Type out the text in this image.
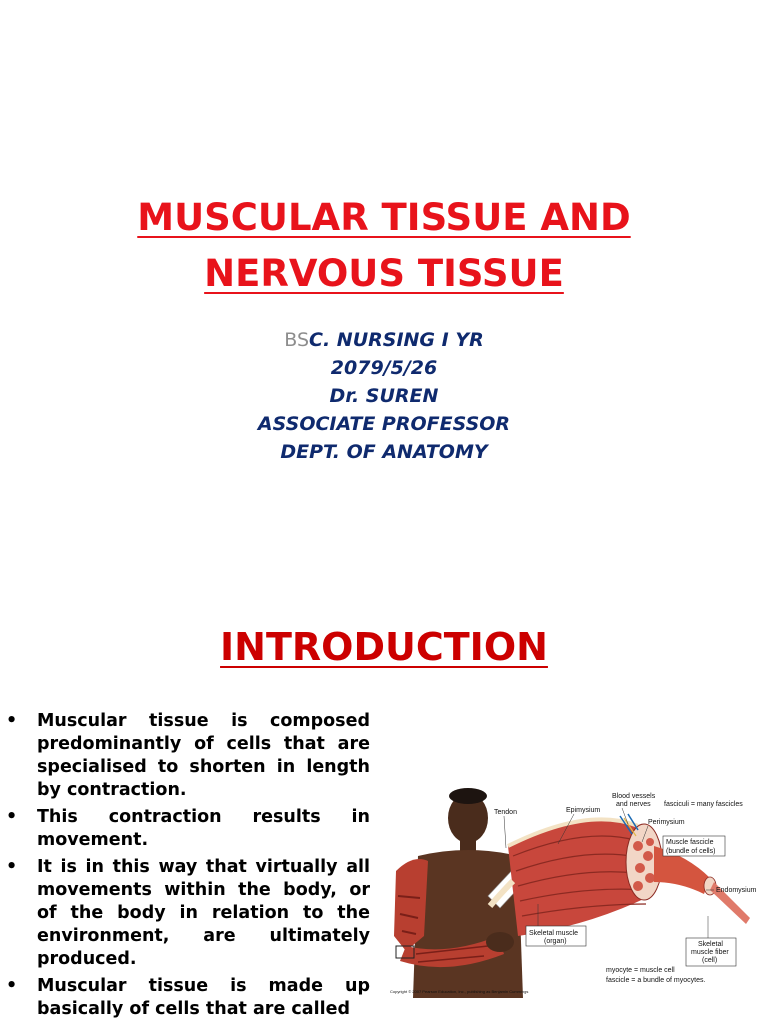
MUSCULAR TISSUE AND
NERVOUS TISSUE
BSC. NURSING I YR
2079/5/26
Dr. SUREN
ASSOCIATE PROFESSOR
DEPT. OF ANATOMY
INTRODUCTION
• Muscular tissue is composed predominantly of cells that are specialised to shorten in length by contraction.
• This contraction results in movement.
• It is in this way that virtually all movements within the body, or of the body in relation to the environment, are ultimately produced.
• Muscular tissue is made up basically of cells that are called
Tendon	Epimysium
Blood vessels
and nerves fasciculi = many fascicles
Perimysium
Muscle fascicle
(bundle of cells)
Endomysium
Skeletal muscle
(organ)	Skeletal
muscle fiber
(cell)
myocyte = muscle cell
fascicle = a bundle of myocytes.
Copyright © 2007 Pearson Education, Inc., publishing as Benjamin Cummings
